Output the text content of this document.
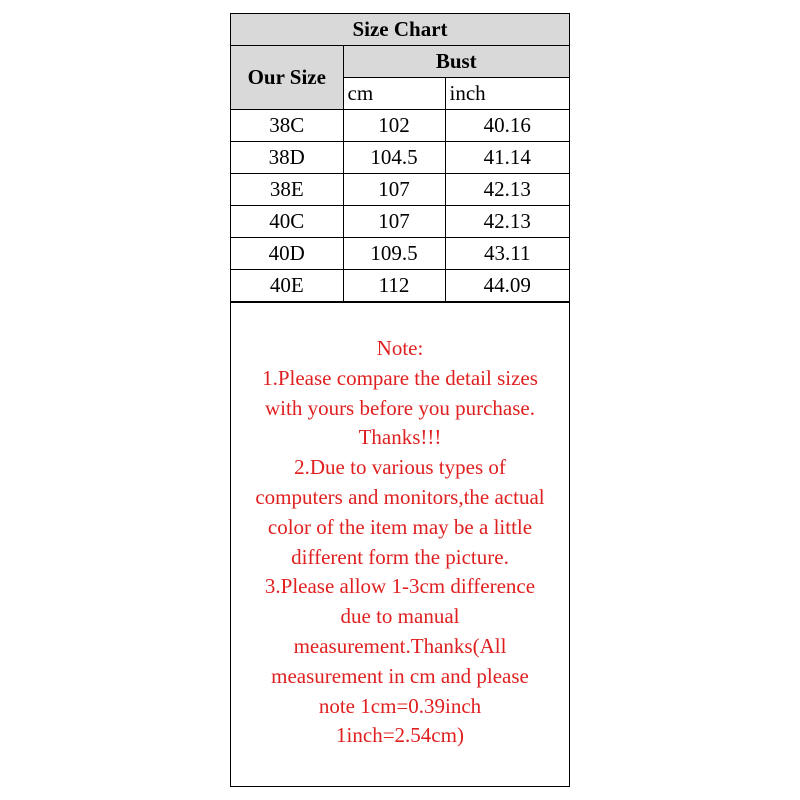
Size Chart		
Our Size	Bust	
	cm	inch
38C	102	40.16
38D	104.5	41.14
38E	107	42.13
40C	107	42.13
40D	109.5	43.11
40E	112	44.09
Note:
1.Please compare the detail sizes
with yours before you purchase.
Thanks!!!
2.Due to various types of
computers and monitors,the actual
color of the item may be a little
different form the picture.
3.Please allow 1-3cm difference
due to manual
measurement.Thanks(All
measurement in cm and please
note 1cm=0.39inch
1inch=2.54cm)
